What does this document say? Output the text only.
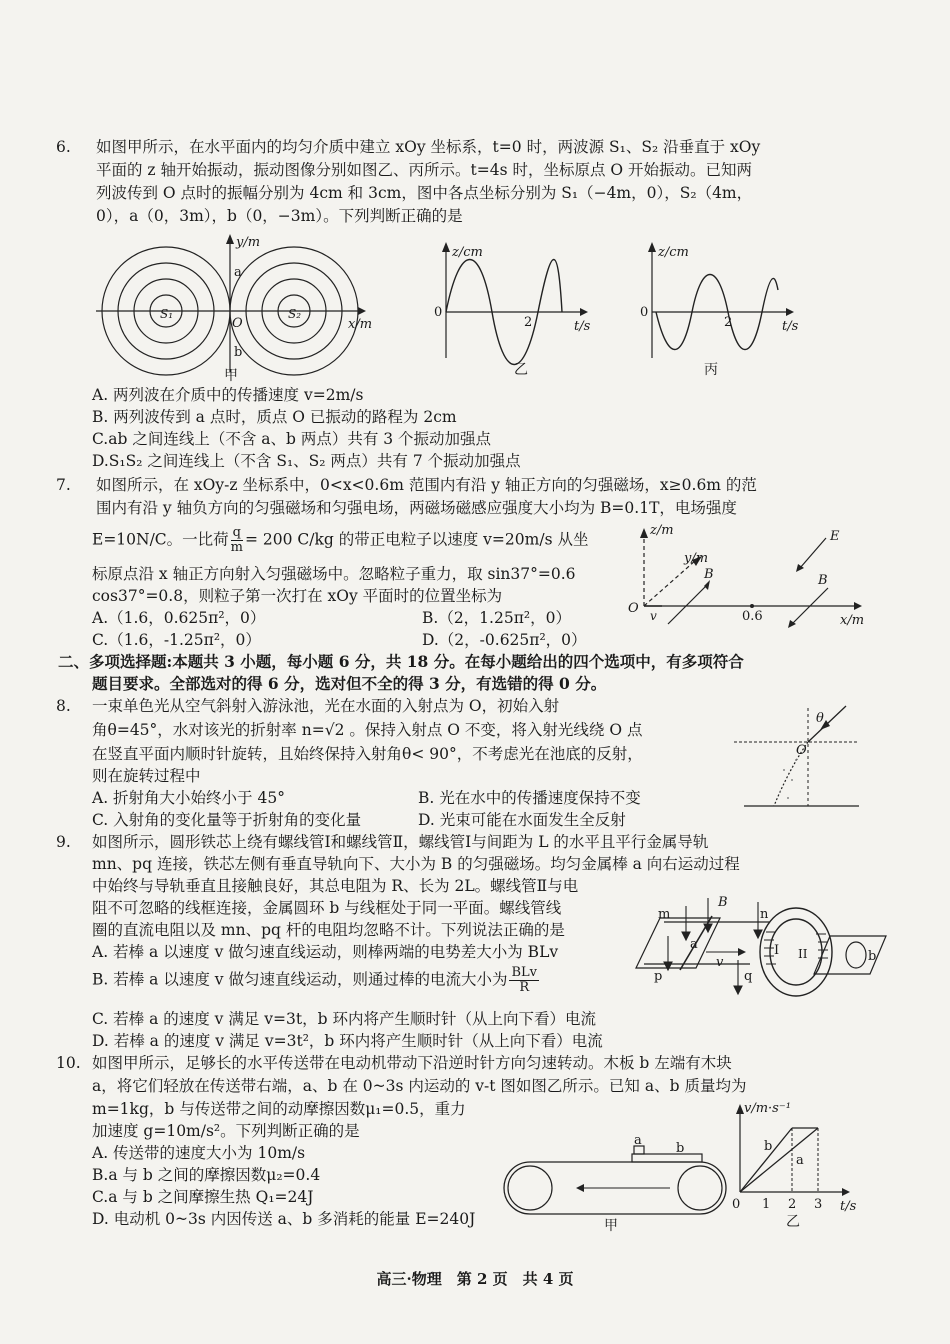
6. 如图甲所示，在水平面内的均匀介质中建立 xOy 坐标系，t=0 时，两波源 S₁、S₂ 沿垂直于 xOy
平面的 z 轴开始振动，振动图像分别如图乙、丙所示。t=4s 时，坐标原点 O 开始振动。已知两
列波传到 O 点时的振幅分别为 4cm 和 3cm，图中各点坐标分别为 S₁（−4m，0），S₂（4m，
0），a（0，3m），b（0，−3m）。下列判断正确的是
y/m
x/m
a
b
O
S₁	S₂
甲
z/cm
t/s
0
2
乙
z/cm
t/s
0
2
丙
A. 两列波在介质中的传播速度 v=2m/s
B. 两列波传到 a 点时，质点 O 已振动的路程为 2cm
C.ab 之间连线上（不含 a、b 两点）共有 3 个振动加强点
D.S₁S₂ 之间连线上（不含 S₁、S₂ 两点）共有 7 个振动加强点
7. 如图所示，在 xOy-z 坐标系中，0<x<0.6m 范围内有沿 y 轴正方向的匀强磁场，x≥0.6m 的范
围内有沿 y 轴负方向的匀强磁场和匀强电场，两磁场磁感应强度大小均为 B=0.1T，电场强度
E=10N/C。一比荷 $\frac{q}{m} = 200$ C/kg 的带正电粒子以速度 v=20m/s 从坐
标原点沿 x 轴正方向射入匀强磁场中。忽略粒子重力，取 sin37°=0.6
cos37°=0.8，则粒子第一次打在 xOy 平面时的位置坐标为
A.（1.6，0.625π²，0）	B.（2，1.25π²，0）
C.（1.6，-1.25π²，0）	D.（2，-0.625π²，0）
z/m
y/m
x/m
B	B
E
O v	0.6
二、多项选择题:本题共 3 小题，每小题 6 分，共 18 分。在每小题给出的四个选项中，有多项符合
题目要求。全部选对的得 6 分，选对但不全的得 3 分，有选错的得 0 分。
8. 一束单色光从空气斜射入游泳池，光在水面的入射点为 O，初始入射
角θ=45°，水对该光的折射率 n=√2 。保持入射点 O 不变，将入射光线绕 O 点
在竖直平面内顺时针旋转，且始终保持入射角θ< 90°，不考虑光在池底的反射，
则在旋转过程中
A. 折射角大小始终小于 45°	B. 光在水中的传播速度保持不变
C. 入射角的变化量等于折射角的变化量	D. 光束可能在水面发生全反射
θ
O
9. 如图所示，圆形铁芯上绕有螺线管Ⅰ和螺线管Ⅱ，螺线管Ⅰ与间距为 L 的水平且平行金属导轨
mn、pq 连接，铁芯左侧有垂直导轨向下、大小为 B 的匀强磁场。均匀金属棒 a 向右运动过程
中始终与导轨垂直且接触良好，其总电阻为 R、长为 2L。螺线管Ⅱ与电
阻不可忽略的线框连接，金属圆环 b 与线框处于同一平面。螺线管线
圈的直流电阻以及 mn、pq 杆的电阻均忽略不计。下列说法正确的是
A. 若棒 a 以速度 v 做匀速直线运动，则棒两端的电势差大小为 BLv
B. 若棒 a 以速度 v 做匀速直线运动，则通过棒的电流大小为 $\frac{\text{BLv}}{R}$
C. 若棒 a 的速度 v 满足 v=3t，b 环内将产生顺时针（从上向下看）电流
D. 若棒 a 的速度 v 满足 v=3t²，b 环内将产生顺时针（从上向下看）电流
B
m	n
p	q
a
v
I II	b
10. 如图甲所示，足够长的水平传送带在电动机带动下沿逆时针方向匀速转动。木板 b 左端有木块
a，将它们轻放在传送带右端，a、b 在 0~3s 内运动的 v-t 图如图乙所示。已知 a、b 质量均为
m=1kg，b 与传送带之间的动摩擦因数μ₁=0.5，重力
加速度 g=10m/s²。下列判断正确的是
A. 传送带的速度大小为 10m/s
B.a 与 b 之间的摩擦因数μ₂=0.4
C.a 与 b 之间摩擦生热 Q₁=24J
D. 电动机 0~3s 内因传送 a、b 多消耗的能量 E=240J
a
b
甲
v/m·s⁻¹
t/s
b
a
0 1 2 3
乙
高三·物理　第 2 页　共 4 页
